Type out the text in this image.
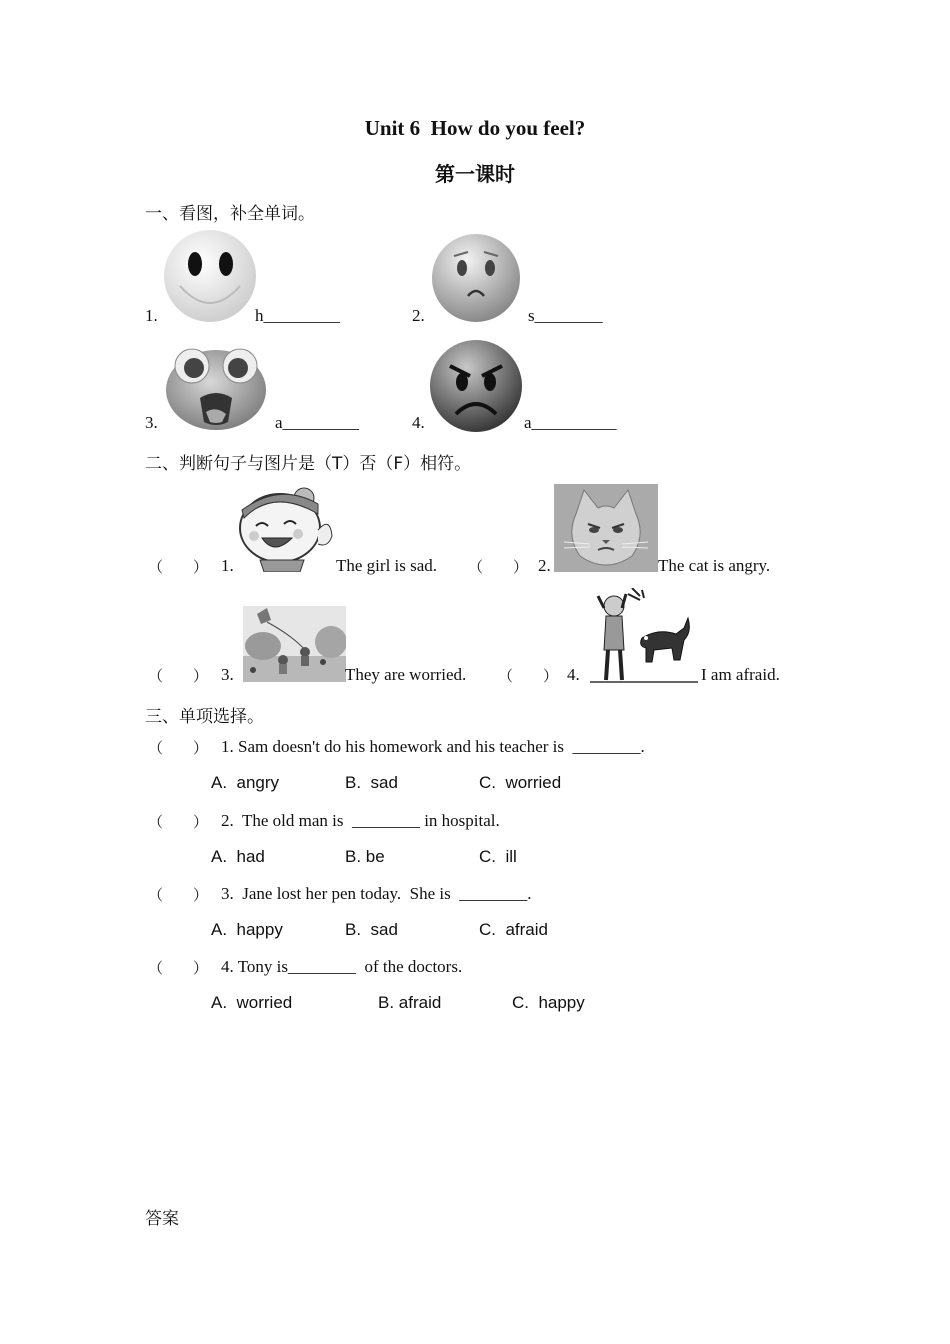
Unit 6  How do you feel?
第一课时
一、看图，补全单词。
1.	h_________	2.	s________
3.	a_________	4.	a__________
二、判断句子与图片是（T）否（F）相符。
（　　） 1.	The girl is sad. （　　） 2.	The cat is angry.
（　　） 3.	They are worried. （　　） 4.	I am afraid.
三、单项选择。
（　　） 1. Sam doesn't do his homework and his teacher is  ________.
A.  angry	B.  sad	C.  worried
（　　） 2.  The old man is  ________ in hospital.
A.  had	B. be	C.  ill
（　　） 3.  Jane lost her pen today.  She is  ________.
A.  happy	B.  sad	C.  afraid
（　　） 4. Tony is________  of the doctors.
A.  worried	B. afraid	C.  happy
答案
